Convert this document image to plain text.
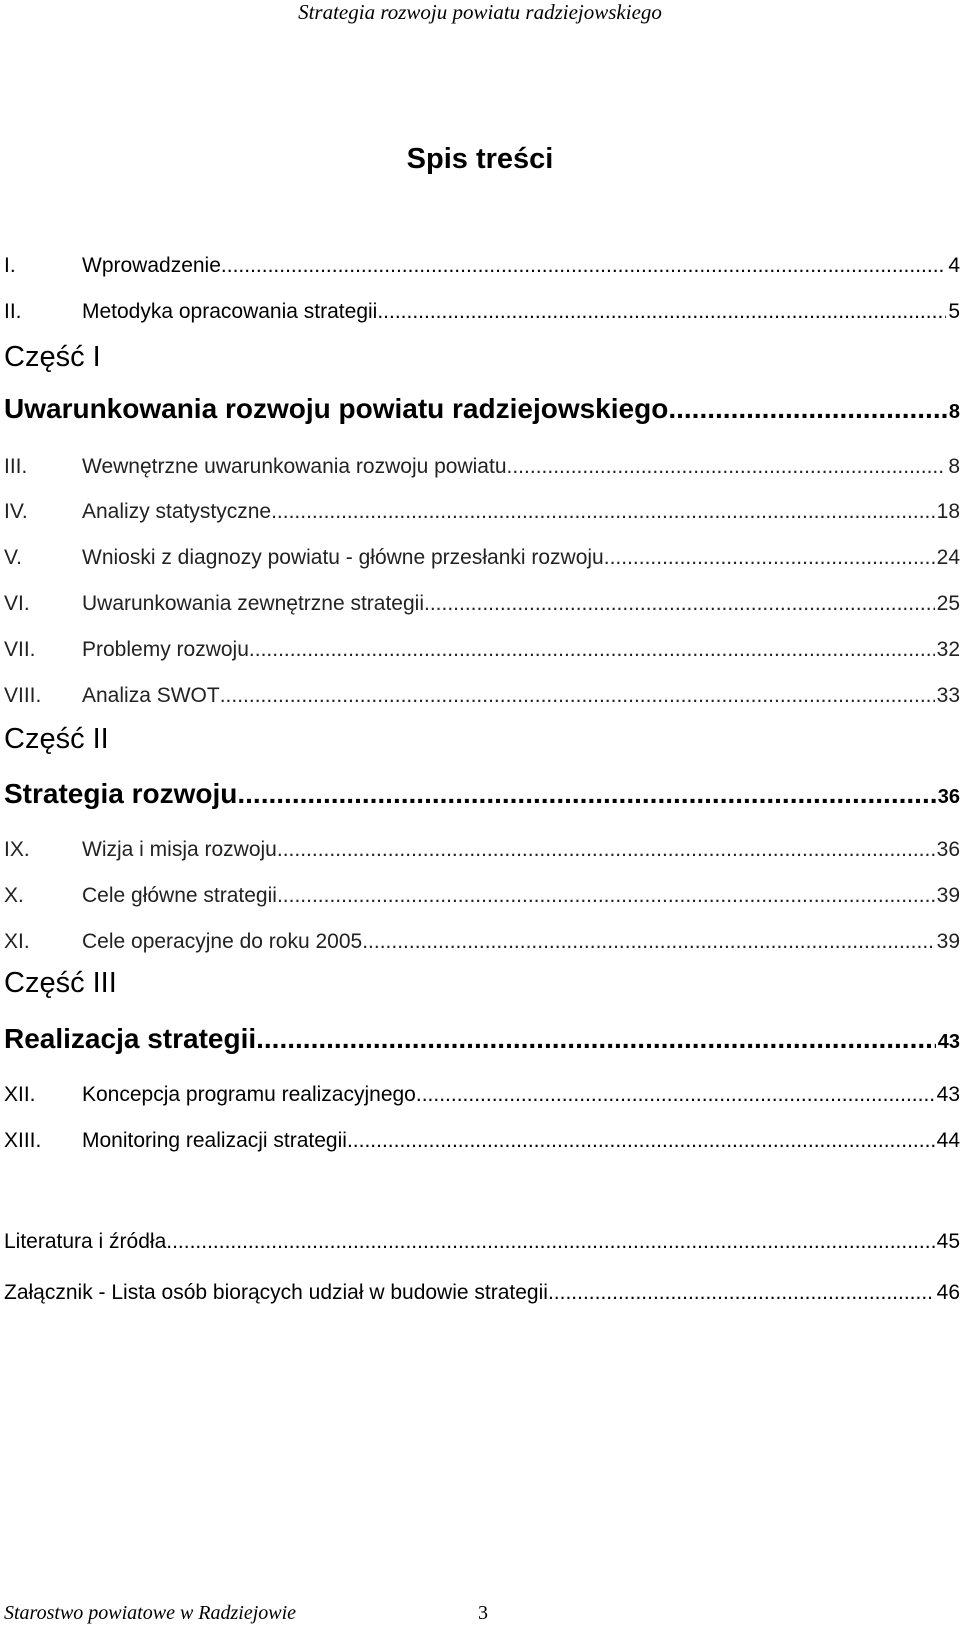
Strategia rozwoju powiatu radziejowskiego
Spis treści
I.	Wprowadzenie .....	4
II.	Metodyka opracowania strategii .....	5
Część I
Uwarunkowania rozwoju powiatu radziejowskiego .....	8
III.	Wewnętrzne uwarunkowania rozwoju powiatu .....	8
IV.	Analizy statystyczne. .....	18
V.	Wnioski z diagnozy powiatu - główne przesłanki rozwoju .....	24
VI.	Uwarunkowania zewnętrzne strategii .....	25
VII.	Problemy rozwoju .....	32
VIII.	Analiza SWOT .....	33
Część II
Strategia rozwoju .....	36
IX.	Wizja i misja rozwoju .....	36
X.	Cele główne strategii .....	39
XI.	Cele operacyjne do roku 2005 .....	39
Część III
Realizacja strategii .....	43
XII.	Koncepcja programu realizacyjnego .....	43
XIII.	Monitoring realizacji strategii .....	44
Literatura i źródła .....	45
Załącznik - Lista osób biorących udział w budowie strategii .....	46
Starostwo powiatowe w Radziejowie	3
